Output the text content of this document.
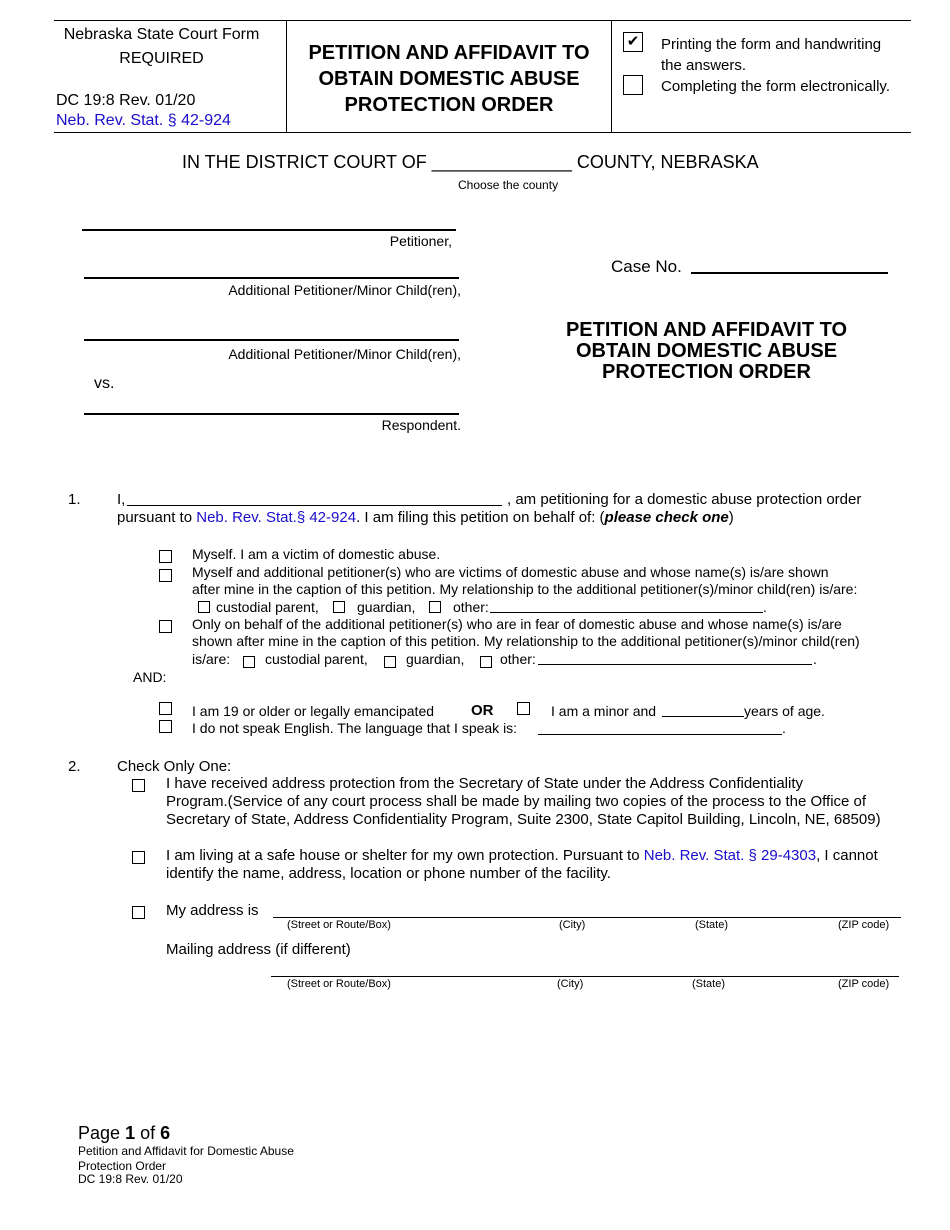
Nebraska State Court Form
REQUIRED
DC 19:8 Rev. 01/20
Neb. Rev. Stat. § 42-924
PETITION AND AFFIDAVIT TO
OBTAIN DOMESTIC ABUSE
PROTECTION ORDER
✔ Printing the form and handwriting
the answers.
Completing the form electronically.
IN THE DISTRICT COURT OF ______________ COUNTY, NEBRASKA
Choose the county
Petitioner,
Additional Petitioner/Minor Child(ren),
Additional Petitioner/Minor Child(ren),
vs.
Respondent.
Case No.
PETITION AND AFFIDAVIT TO
OBTAIN DOMESTIC ABUSE
PROTECTION ORDER
1. I,	, am petitioning for a domestic abuse protection order
pursuant to Neb. Rev. Stat.§ 42-924. I am filing this petition on behalf of: (please check one)
Myself. I am a victim of domestic abuse.
Myself and additional petitioner(s) who are victims of domestic abuse and whose name(s) is/are shown
after mine in the caption of this petition. My relationship to the additional petitioner(s)/minor child(ren) is/are:
custodial parent,	guardian,	other:	.
Only on behalf of the additional petitioner(s) who are in fear of domestic abuse and whose name(s) is/are
shown after mine in the caption of this petition. My relationship to the additional petitioner(s)/minor child(ren)
is/are: custodial parent,	guardian,	other:	.
AND:
I am 19 or older or legally emancipated OR	I am a minor and	years of age.
I do not speak English. The language that I speak is:	.
2. Check Only One:
I have received address protection from the Secretary of State under the Address Confidentiality
Program.(Service of any court process shall be made by mailing two copies of the process to the Office of
Secretary of State, Address Confidentiality Program, Suite 2300, State Capitol Building, Lincoln, NE, 68509)
I am living at a safe house or shelter for my own protection. Pursuant to Neb. Rev. Stat. § 29-4303, I cannot
identify the name, address, location or phone number of the facility.
My address is
(Street or Route/Box)	(City)	(State)	(ZIP code)
Mailing address (if different)
(Street or Route/Box)	(City)	(State)	(ZIP code)
Page 1 of 6
Petition and Affidavit for Domestic Abuse
Protection Order
DC 19:8 Rev. 01/20
